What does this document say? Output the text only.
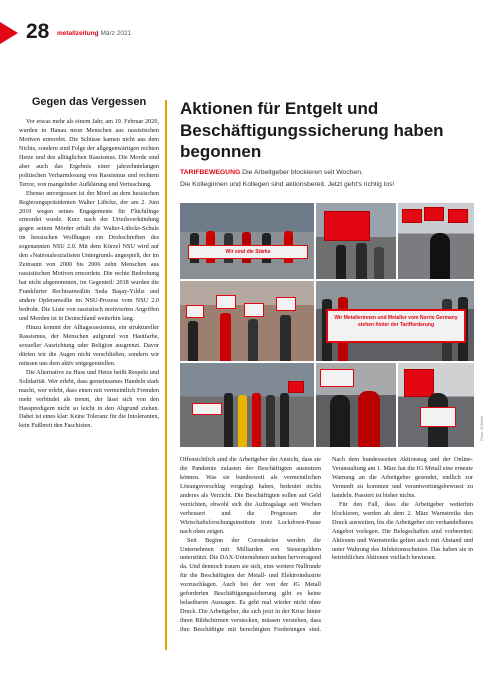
28 metallzeitung
| März 2021
Gegen das Vergessen

Vor etwas mehr als einem Jahr, am 19. Februar 2020, wurden in Hanau neun Menschen aus rassistischen Motiven ermordet. Die Schüsse kamen nicht aus dem Nichts, sondern sind Folge der allgegenwärtigen rechten Hetze und des alltäglichen Rassismus. Die Morde sind aber auch das Ergebnis einer jahrzehntelangen politischen Verharmlosung von Rassismus und rechtem Terror, von mangelnder Aufklärung und Vertuschung.

Ebenso unvergessen ist der Mord an dem hessischen Regierungspräsidenten Walter Lübcke, der am 2. Juni 2019 wegen seines Engagements für Flüchtlinge ermordet wurde. Kurz nach der Urteilsverkündung gegen seinen Mörder erhält die Walter-Lübcke-Schule im hessischen Wolfhagen ein Drohschreiben des sogenannten NSU 2.0. Mit dem Kürzel NSU wird auf den »Nationalsozialisten Untergrund« angespielt, der im Zeitraum von 2000 bis 2006 zehn Menschen aus rassistischen Motiven ermordete. Die rechte Bedrohung hat nicht abgenommen, im Gegenteil: 2018 wurden die Frankfurter Rechtsanwältin Seda Başay-Yıldız und andere Opferanwälte im NSU-Prozess vom NSU 2.0 bedroht. Die Liste von rassistisch motivierten Angriffen und Morden ist in Deutschland weiterhin lang.

Hinzu kommt der Alltagsrassismus, ein struktureller Rassismus, der Menschen aufgrund von Hautfarbe, sexueller Ausrichtung oder Religion ausgrenzt. Davor dürfen wir die Augen nicht verschließen, sondern wir müssen uns dem aktiv entgegenstellen.

Die Alternative zu Hass und Hetze heißt Respekt und Solidarität. Wer erlebt, dass gemeinsames Handeln stark macht, wer erlebt, dass einen mit vermeintlich Fremden mehr verbindet als trennt, der lässt sich von den Hasspredigern nicht so leicht in den Abgrund ziehen. Dabei ist eines klar: Keine Toleranz für die Intoleranten, kein Fußbreit den Faschisten.

Aktionen für Entgelt und Beschäftigungssicherung haben begonnen
TARIFBEWEGUNG Die Arbeitgeber blockieren seit Wochen.
Die Kolleginnen und Kollegen sind aktionsbereit. Jetzt geht's richtig los!
Wir sind die Stärke
Wir Metallerinnen und Metaller vom Norris Germany stehen hinter der Tarifforderung
Fotos: IG Metall

Offensichtlich sind die Arbeitgeber der Ansicht, dass sie die Pandemie zulasten der Beschäftigten ausnutzen können. Was sie bundesweit als vermeintlichen Lösungsvorschlag vorgelegt haben, bedeutet nichts anderes als Verzicht. Die Beschäftigten sollen auf Geld verzichten, obwohl sich die Auftragslage seit Wochen verbessert und die Prognosen der Wirtschaftsforschungsinstitute trotz Lockdown-Pause nach oben zeigen.

Seit Beginn der Coronakrise werden die Unternehmen mit Milliarden von Steuergeldern unterstützt. Die DAX-Unternehmen stehen hervorragend da. Und dennoch trauen sie sich, eine weitere Nullrunde für die Beschäftigten der Metall- und Elektroindustrie vorzuschlagen. Auch bei der von der IG Metall geforderten Beschäftigungssicherung gibt es keine belastbaren Aussagen. Es geht mal wieder nicht ohne Druck. Die Arbeitgeber, die sich jetzt in der Krise hinter ihren Bildschirmen verstecken, müssen verstehen, dass ihre Beschäftigte mit berechtigten Forderungen sind. Nach dem bundesweiten Aktionstag und der Online-Veranstaltung am 1. März hat die IG Metall eine erneute Warnung an die Arbeitgeber gesendet, endlich zur Vernunft zu kommen und verantwortungsbewusst zu handeln. Passiert ist bisher nichts.

Für den Fall, dass die Arbeitgeber weiterhin blockieren, werden ab dem 2. März Warnstreiks den Druck ausweiten, bis die Arbeitgeber ein verhandelbares Angebot vorlegen. Die Belegschaften sind vorbereitet: Aktionen und Warnstreiks gelten auch mit Abstand und unter Wahrung des Infektionsschutzes. Das haben sie in betrieblichen Aktionen vielfach bewiesen.
